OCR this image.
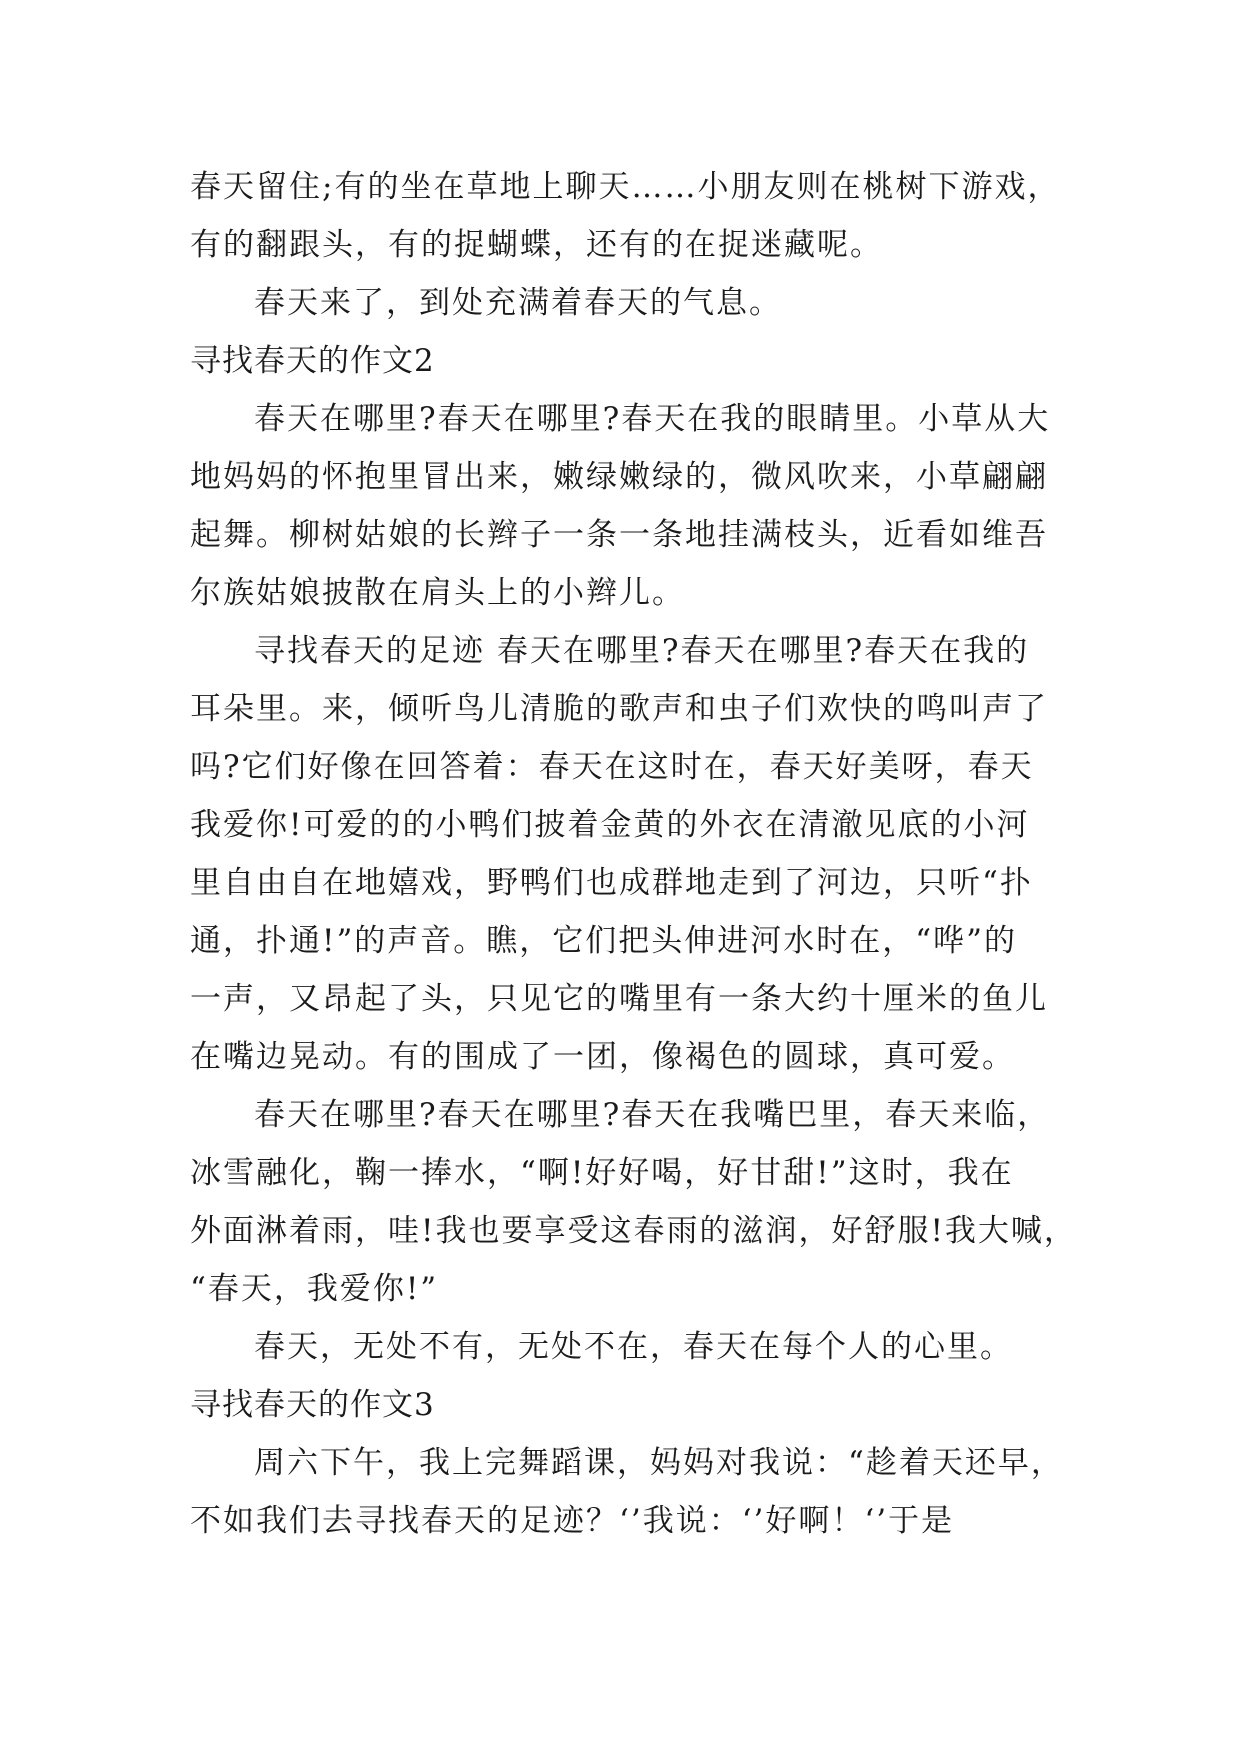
春天留住;有的坐在草地上聊天……小朋友则在桃树下游戏，
有的翻跟头，有的捉蝴蝶，还有的在捉迷藏呢。
春天来了，到处充满着春天的气息。
寻找春天的作文2
春天在哪里?春天在哪里?春天在我的眼睛里。小草从大
地妈妈的怀抱里冒出来，嫩绿嫩绿的，微风吹来，小草翩翩
起舞。柳树姑娘的长辫子一条一条地挂满枝头，近看如维吾
尔族姑娘披散在肩头上的小辫儿。
寻找春天的足迹 春天在哪里?春天在哪里?春天在我的
耳朵里。来，倾听鸟儿清脆的歌声和虫子们欢快的鸣叫声了
吗?它们好像在回答着：春天在这时在，春天好美呀，春天
我爱你!可爱的的小鸭们披着金黄的外衣在清澈见底的小河
里自由自在地嬉戏，野鸭们也成群地走到了河边，只听“扑
通，扑通!”的声音。瞧，它们把头伸进河水时在，“哗”的
一声，又昂起了头，只见它的嘴里有一条大约十厘米的鱼儿
在嘴边晃动。有的围成了一团，像褐色的圆球，真可爱。
春天在哪里?春天在哪里?春天在我嘴巴里，春天来临，
冰雪融化，鞠一捧水，“啊!好好喝，好甘甜!”这时，我在
外面淋着雨，哇!我也要享受这春雨的滋润，好舒服!我大喊，
“春天，我爱你!”
春天，无处不有，无处不在，春天在每个人的心里。
寻找春天的作文3
周六下午，我上完舞蹈课，妈妈对我说：“趁着天还早，
不如我们去寻找春天的足迹？‘’我说：‘’好啊！‘’于是
